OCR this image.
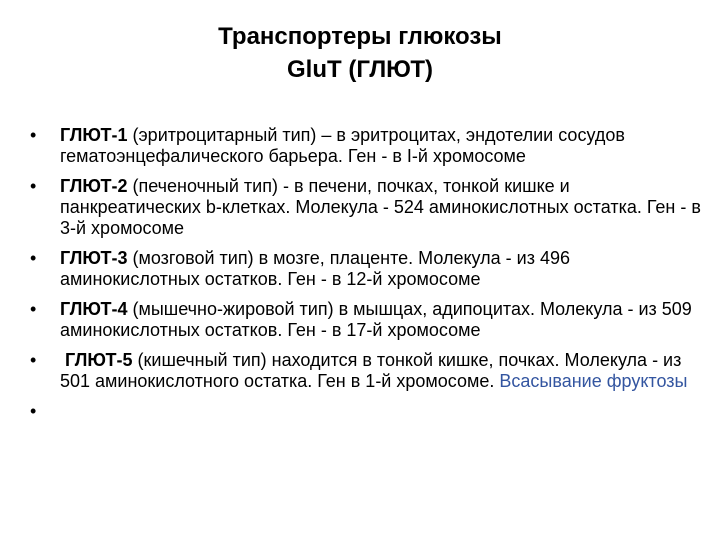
Транспортеры глюкозы
GluT (ГЛЮТ)
•	ГЛЮТ-1 (эритроцитарный тип) – в эритроцитах, эндотелии сосудов гематоэнцефалического барьера. Ген - в I-й хромосоме
•	ГЛЮТ-2 (печеночный тип) - в печени, почках, тонкой кишке и панкреатических b-клетках. Молекула - 524 аминокислотных остатка. Ген - в 3-й хромосоме
•	ГЛЮТ-3 (мозговой тип) в мозге, плаценте. Молекула - из 496 аминокислотных остатков. Ген - в 12-й хромосоме
•	ГЛЮТ-4 (мышечно-жировой тип) в мышцах, адипоцитах. Молекула - из 509 аминокислотных остатков. Ген - в 17-й хромосоме
•	ГЛЮТ-5 (кишечный тип) находится в тонкой кишке, почках. Молекула - из 501 аминокислотного остатка. Ген в 1-й хромосоме. Всасывание фруктозы
•
